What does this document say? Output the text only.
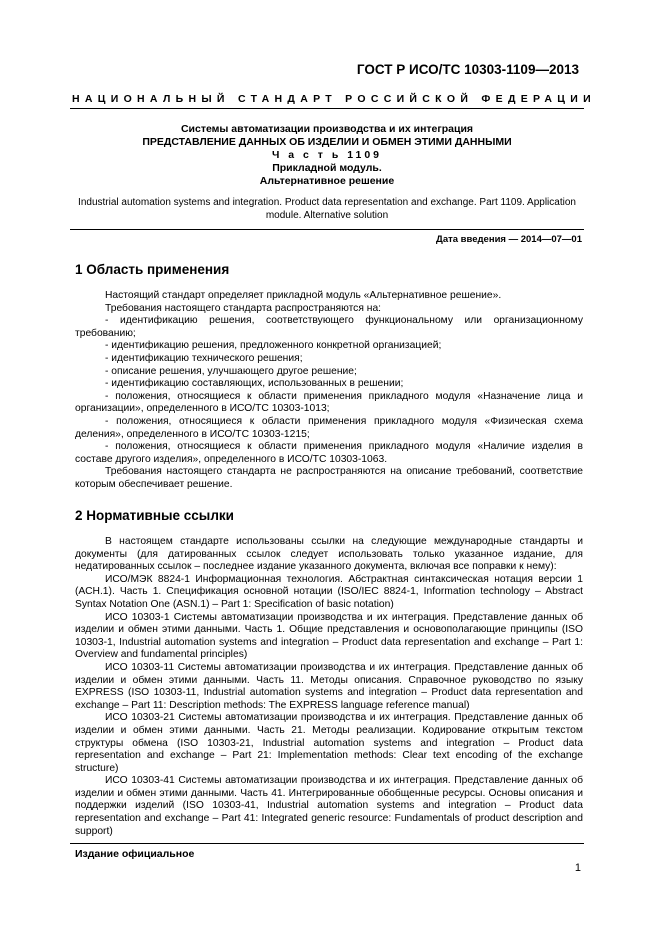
ГОСТ Р ИСО/ТС 10303-1109—2013
НАЦИОНАЛЬНЫЙ СТАНДАРТ РОССИЙСКОЙ ФЕДЕРАЦИИ
Системы автоматизации производства и их интеграция
ПРЕДСТАВЛЕНИЕ ДАННЫХ ОБ ИЗДЕЛИИ И ОБМЕН ЭТИМИ ДАННЫМИ
Ч а с т ь 1109
Прикладной модуль.
Альтернативное решение
Industrial automation systems and integration. Product data representation and exchange. Part 1109. Application module. Alternative solution
Дата введения — 2014—07—01
1 Область применения

Настоящий стандарт определяет прикладной модуль «Альтернативное решение».

Требования настоящего стандарта распространяются на:

- идентификацию решения, соответствующего функциональному или организационному требованию;

- идентификацию решения, предложенного конкретной организацией;

- идентификацию технического решения;

- описание решения, улучшающего другое решение;

- идентификацию составляющих, использованных в решении;

- положения, относящиеся к области применения прикладного модуля «Назначение лица и организации», определенного в ИСО/ТС 10303-1013;

- положения, относящиеся к области применения прикладного модуля «Физическая схема деления», определенного в ИСО/ТС 10303-1215;

- положения, относящиеся к области применения прикладного модуля «Наличие изделия в составе другого изделия», определенного в ИСО/ТС 10303-1063.

Требования настоящего стандарта не распространяются на описание требований, соответствие которым обеспечивает решение.

2 Нормативные ссылки

В настоящем стандарте использованы ссылки на следующие международные стандарты и документы (для датированных ссылок следует использовать только указанное издание, для недатированных ссылок – последнее издание указанного документа, включая все поправки к нему):

ИСО/МЭК 8824-1 Информационная технология. Абстрактная синтаксическая нотация версии 1 (АСН.1). Часть 1. Спецификация основной нотации (ISO/IEC 8824-1, Information technology – Abstract Syntax Notation One (ASN.1) – Part 1: Specification of basic notation)

ИСО 10303-1 Системы автоматизации производства и их интеграция. Представление данных об изделии и обмен этими данными. Часть 1. Общие представления и основополагающие принципы (ISO 10303-1, Industrial automation systems and integration – Product data representation and exchange – Part 1: Overview and fundamental principles)

ИСО 10303-11 Системы автоматизации производства и их интеграция. Представление данных об изделии и обмен этими данными. Часть 11. Методы описания. Справочное руководство по языку EXPRESS (ISO 10303-11, Industrial automation systems and integration – Product data representation and exchange – Part 11: Description methods: The EXPRESS language reference manual)

ИСО 10303-21 Системы автоматизации производства и их интеграция. Представление данных об изделии и обмен этими данными. Часть 21. Методы реализации. Кодирование открытым текстом структуры обмена (ISO 10303-21, Industrial automation systems and integration – Product data representation and exchange – Part 21: Implementation methods: Clear text encoding of the exchange structure)

ИСО 10303-41 Системы автоматизации производства и их интеграция. Представление данных об изделии и обмен этими данными. Часть 41. Интегрированные обобщенные ресурсы. Основы описания и поддержки изделий (ISO 10303-41, Industrial automation systems and integration – Product data representation and exchange – Part 41: Integrated generic resource: Fundamentals of product description and support)

Издание официальное
1
